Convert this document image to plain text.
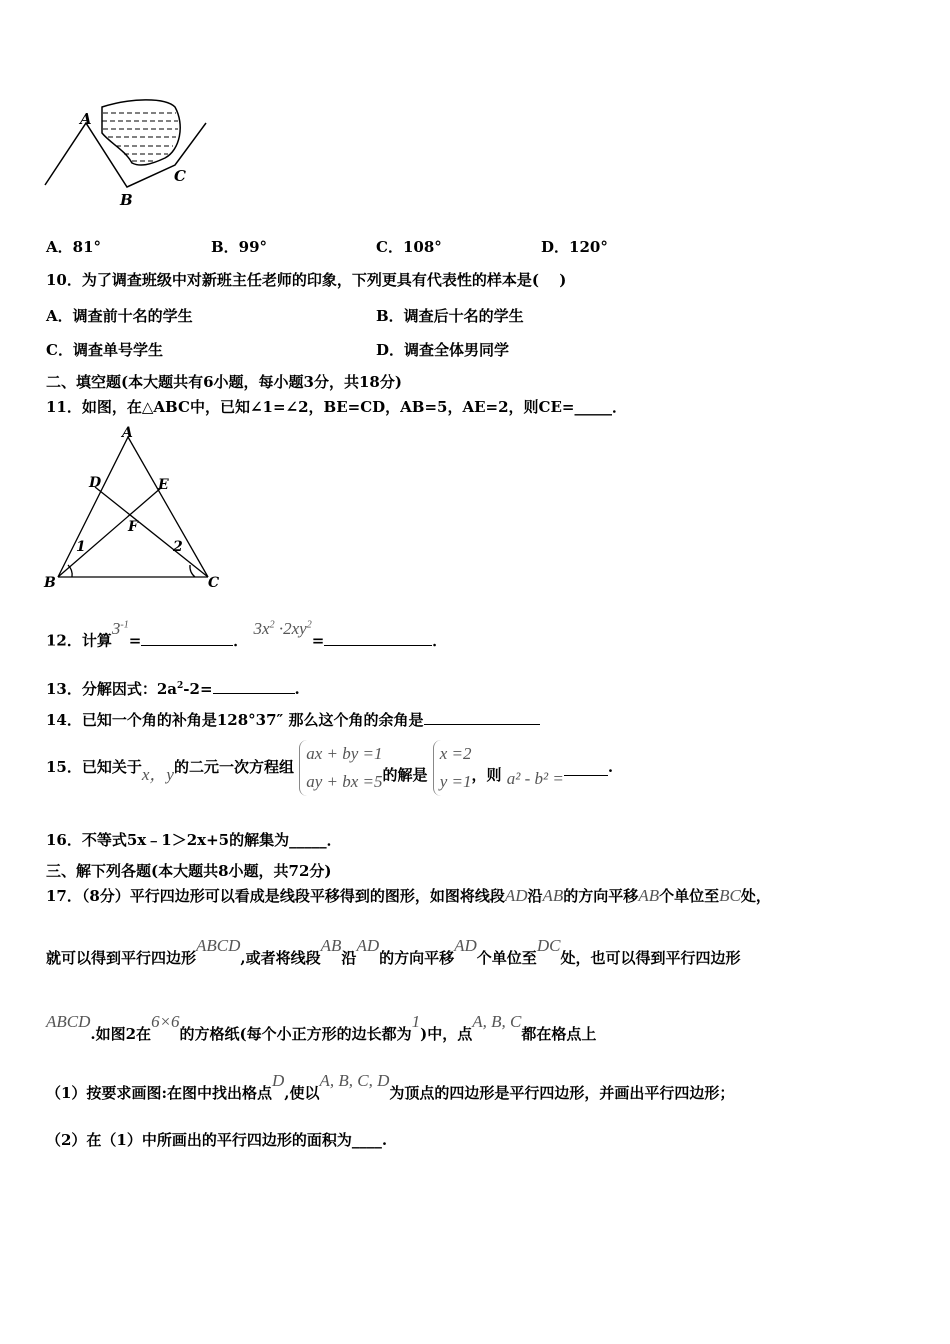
A
B
C
A．81°	B．99°	C．108°	D．120°
10．为了调查班级中对新班主任老师的印象，下列更具有代表性的样本是(　 )
A．调查前十名的学生	B．调查后十名的学生
C．调查单号学生	D．调查全体男同学
二、填空题(本大题共有6小题，每小题3分，共18分)
11．如图，在△ABC中，已知∠1=∠2，BE=CD，AB=5，AE=2，则CE=_____．
A
B	C
D	E
F
1	2
12．计算$3^{-1}=$	． $3x^2 \cdot 2xy^2=$	．
13．分解因式：$2a^2-2=$	.
14．已知一个角的补角是128°37″ 那么这个角的余角是
15．已知关于x，y的二元一次方程组 ax + by =1
ay + bx =5的解是 x =2
y =1，则 a² - b² =.
16．不等式5x﹣1＞2x+5的解集为_____．
三、解下列各题(本大题共8小题，共72分)
17．（8分）平行四边形可以看成是线段平移得到的图形，如图将线段AD沿AB的方向平移AB个单位至BC处，
就可以得到平行四边形ABCD,或者将线段AB沿AD的方向平移AD个单位至DC处，也可以得到平行四边形
ABCD.如图2在6×6的方格纸(每个小正方形的边长都为1)中，点A, B, C都在格点上
（1）按要求画图:在图中找出格点D,使以A, B, C, D为顶点的四边形是平行四边形，并画出平行四边形；
（2）在（1）中所画出的平行四边形的面积为____.
